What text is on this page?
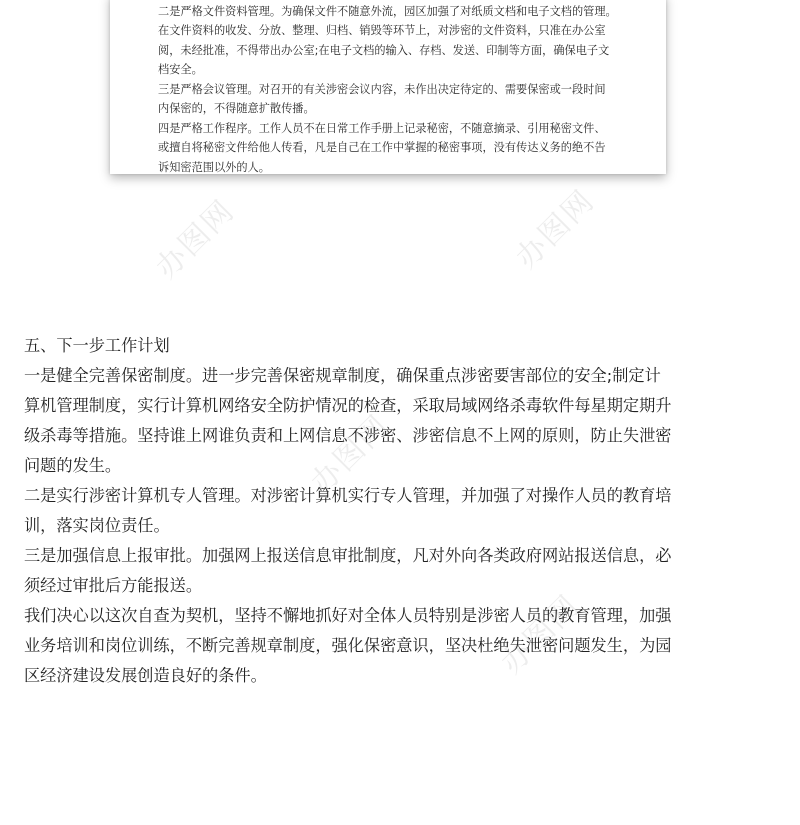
二是严格文件资料管理。为确保文件不随意外流，园区加强了对纸质文档和电子文档的管理。
在文件资料的收发、分放、整理、归档、销毁等环节上，对涉密的文件资料，只准在办公室
阅，未经批准，不得带出办公室;在电子文档的输入、存档、发送、印制等方面，确保电子文
档安全。
三是严格会议管理。对召开的有关涉密会议内容，未作出决定待定的、需要保密或一段时间
内保密的，不得随意扩散传播。
四是严格工作程序。工作人员不在日常工作手册上记录秘密，不随意摘录、引用秘密文件、
或擅自将秘密文件给他人传看，凡是自己在工作中掌握的秘密事项，没有传达义务的绝不告
诉知密范围以外的人。
办图网	办图网
办图网
办图网
五、下一步工作计划
一是健全完善保密制度。进一步完善保密规章制度，确保重点涉密要害部位的安全;制定计
算机管理制度，实行计算机网络安全防护情况的检查，采取局域网络杀毒软件每星期定期升
级杀毒等措施。坚持谁上网谁负责和上网信息不涉密、涉密信息不上网的原则，防止失泄密
问题的发生。
二是实行涉密计算机专人管理。对涉密计算机实行专人管理，并加强了对操作人员的教育培
训，落实岗位责任。
三是加强信息上报审批。加强网上报送信息审批制度，凡对外向各类政府网站报送信息，必
须经过审批后方能报送。
我们决心以这次自查为契机，坚持不懈地抓好对全体人员特别是涉密人员的教育管理，加强
业务培训和岗位训练，不断完善规章制度，强化保密意识，坚决杜绝失泄密问题发生，为园
区经济建设发展创造良好的条件。
